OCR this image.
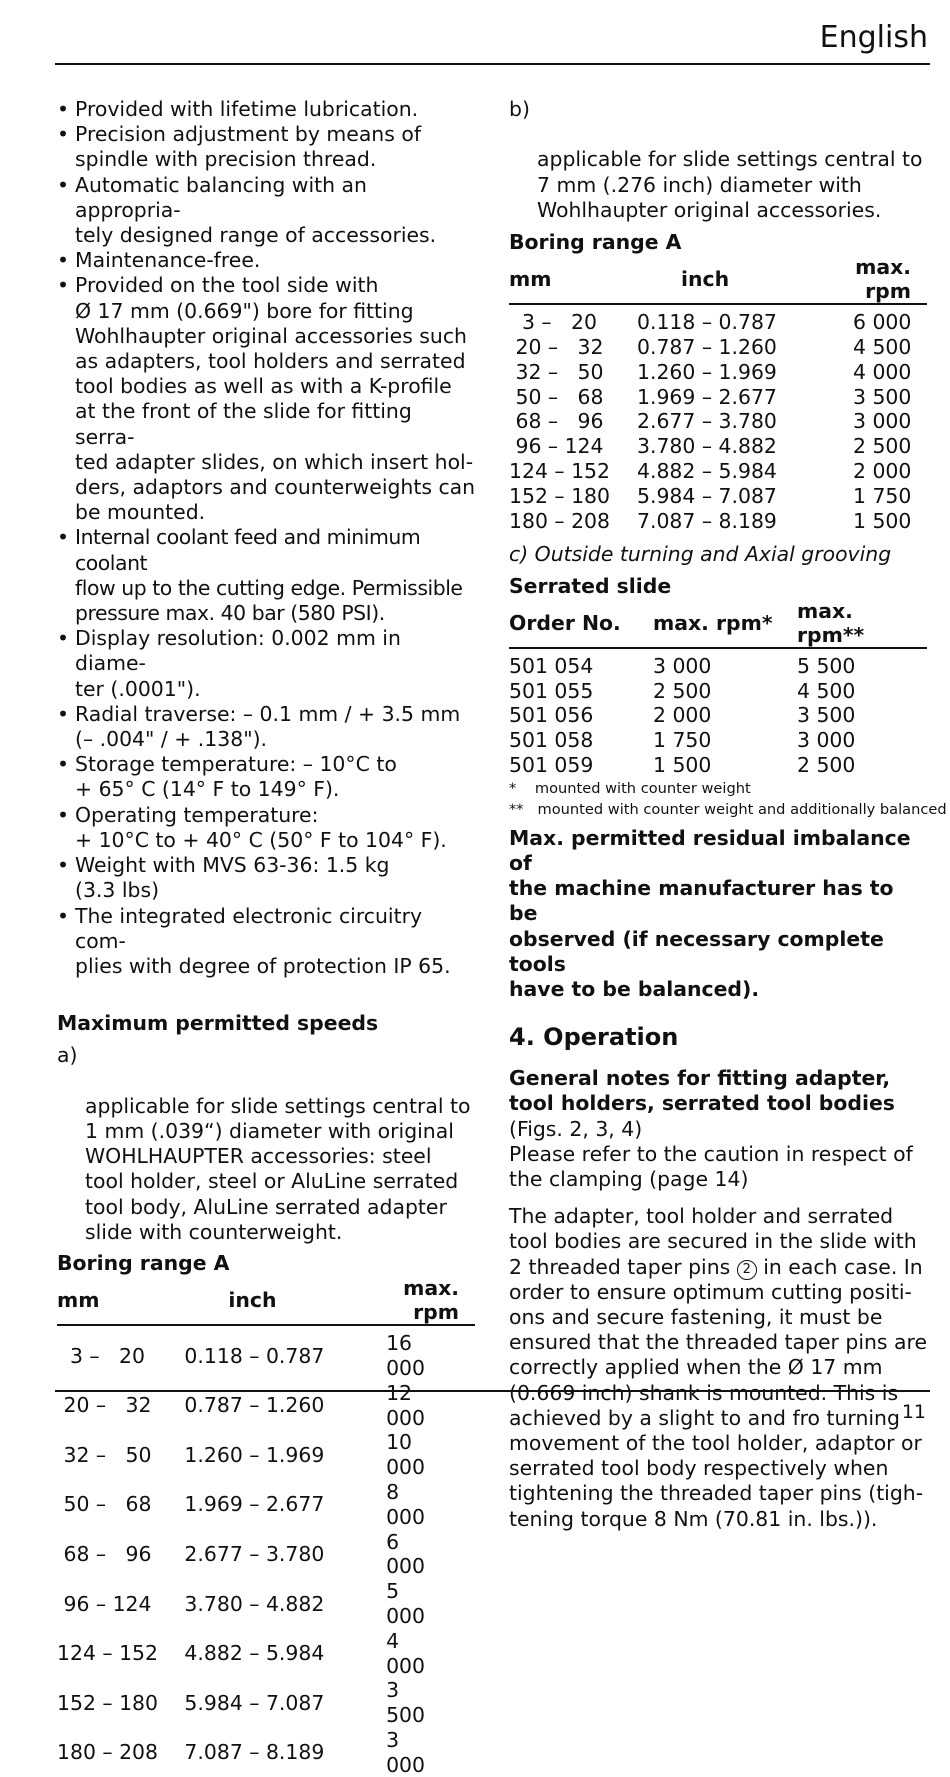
English
• Provided with lifetime lubrication.
• Precision adjustment by means of
spindle with precision thread.
• Automatic balancing with an appropria-
tely designed range of accessories.
• Maintenance-free.
• Provided on the tool side with
Ø 17 mm (0.669") bore for fitting
Wohlhaupter original accessories such
as adapters, tool holders and serrated
tool bodies as well as with a K-profile
at the front of the slide for fitting serra-
ted adapter slides, on which insert hol-
ders, adaptors and counterweights can
be mounted.
• Internal coolant feed and minimum coolant
flow up to the cutting edge. Permissible
pressure max. 40 bar (580 PSI).
• Display resolution: 0.002 mm in diame-
ter (.0001").
• Radial traverse: – 0.1 mm / + 3.5 mm
(– .004" / + .138").
• Storage temperature: – 10°C to
+ 65° C (14° F to 149° F).
• Operating temperature:
+ 10°C to + 40° C (50° F to 104° F).
• Weight with MVS 63-36: 1.5 kg
(3.3 lbs)
• The integrated electronic circuitry com-
plies with degree of protection IP 65.
Maximum permitted speeds

a)

applicable for slide settings central to
1 mm (.039“) diameter with original
WOHLHAUPTER accessories: steel
tool holder, steel or AluLine serrated
tool body, AluLine serrated adapter
slide with counterweight.

Boring range A
mm	inch	max. rpm
3 –   20	0.118 – 0.787	16 000
20 –   32	0.787 – 1.260	12 000
32 –   50	1.260 – 1.969	10 000
50 –   68	1.969 – 2.677	8 000
68 –   96	2.677 – 3.780	6 000
96 – 124	3.780 – 4.882	5 000
124 – 152	4.882 – 5.984	4 000
152 – 180	5.984 – 7.087	3 500
180 – 208	7.087 – 8.189	3 000

b)

applicable for slide settings central to
7 mm (.276 inch) diameter with
Wohlhaupter original accessories.

Boring range A
mm	inch	max. rpm
3 –   20	0.118 – 0.787	6 000
20 –   32	0.787 – 1.260	4 500
32 –   50	1.260 – 1.969	4 000
50 –   68	1.969 – 2.677	3 500
68 –   96	2.677 – 3.780	3 000
96 – 124	3.780 – 4.882	2 500
124 – 152	4.882 – 5.984	2 000
152 – 180	5.984 – 7.087	1 750
180 – 208	7.087 – 8.189	1 500
c) Outside turning and Axial grooving
Serrated slide
Order No.	max. rpm*	max. rpm**
501 054	3 000	5 500
501 055	2 500	4 500
501 056	2 000	3 500
501 058	1 750	3 000
501 059	1 500	2 500
*    mounted with counter weight
**   mounted with counter weight and additionally balanced
Max. permitted residual imbalance of
the machine manufacturer has to be
observed (if necessary complete tools
have to be balanced).
4. Operation
General notes for fitting adapter,
tool holders, serrated tool bodies
(Figs. 2, 3, 4)
Please refer to the caution in respect of
the clamping (page 14)
The adapter, tool holder and serrated
tool bodies are secured in the slide with
2 threaded taper pins 2 in each case. In
order to ensure optimum cutting positi-
ons and secure fastening, it must be
ensured that the threaded taper pins are
correctly applied when the Ø 17 mm
(0.669 inch) shank is mounted. This is
achieved by a slight to and fro turning
movement of the tool holder, adaptor or
serrated tool body respectively when
tightening the threaded taper pins (tigh-
tening torque 8 Nm (70.81 in. lbs.)).
11
